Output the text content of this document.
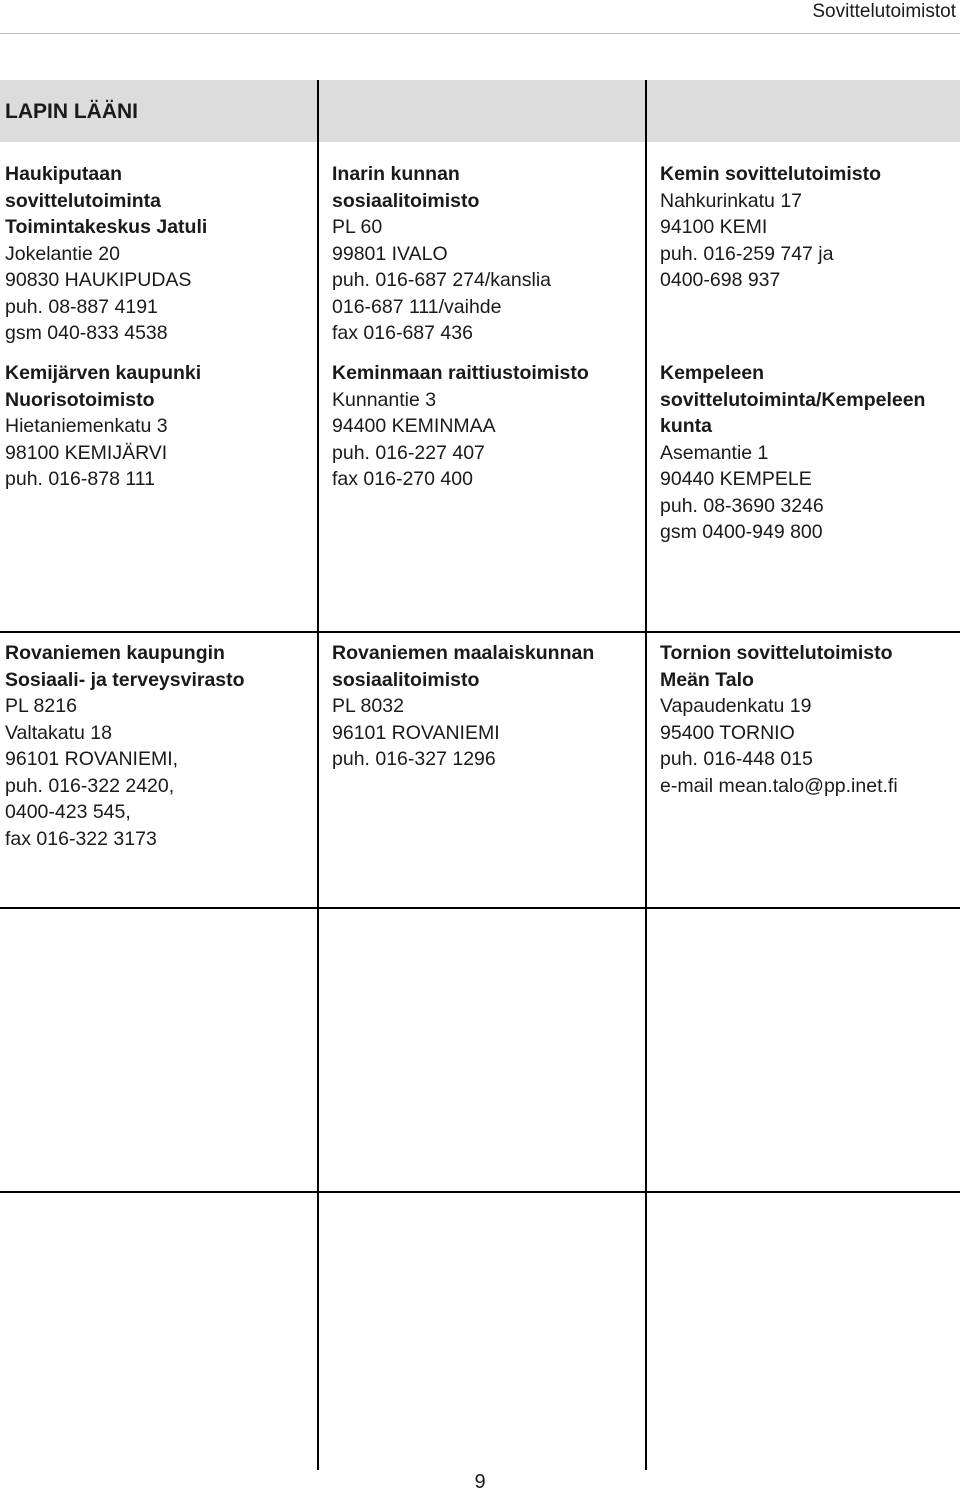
Sovittelutoimistot
LAPIN LÄÄNI
Haukiputaan
sovittelutoiminta
Toimintakeskus Jatuli
Jokelantie 20
90830 HAUKIPUDAS
puh. 08-887 4191
gsm 040-833 4538
Inarin kunnan
sosiaalitoimisto
PL 60
99801 IVALO
puh. 016-687 274/kanslia
016-687 111/vaihde
fax 016-687 436
Kemin sovittelutoimisto
Nahkurinkatu 17
94100 KEMI
puh. 016-259 747 ja
0400-698 937
Kemijärven kaupunki
Nuorisotoimisto
Hietaniemenkatu 3
98100 KEMIJÄRVI
puh. 016-878 111
Keminmaan raittiustoimisto
Kunnantie 3
94400 KEMINMAA
puh. 016-227 407
fax 016-270 400
Kempeleen
sovittelutoiminta/Kempeleen
kunta
Asemantie 1
90440 KEMPELE
puh. 08-3690 3246
gsm 0400-949 800
Rovaniemen kaupungin
Sosiaali- ja terveysvirasto
PL 8216
Valtakatu 18
96101 ROVANIEMI,
puh. 016-322 2420,
0400-423 545,
fax 016-322 3173
Rovaniemen maalaiskunnan
sosiaalitoimisto
PL 8032
96101 ROVANIEMI
puh. 016-327 1296
Tornion sovittelutoimisto
Meän Talo
Vapaudenkatu 19
95400 TORNIO
puh. 016-448 015
e-mail mean.talo@pp.inet.fi
9
